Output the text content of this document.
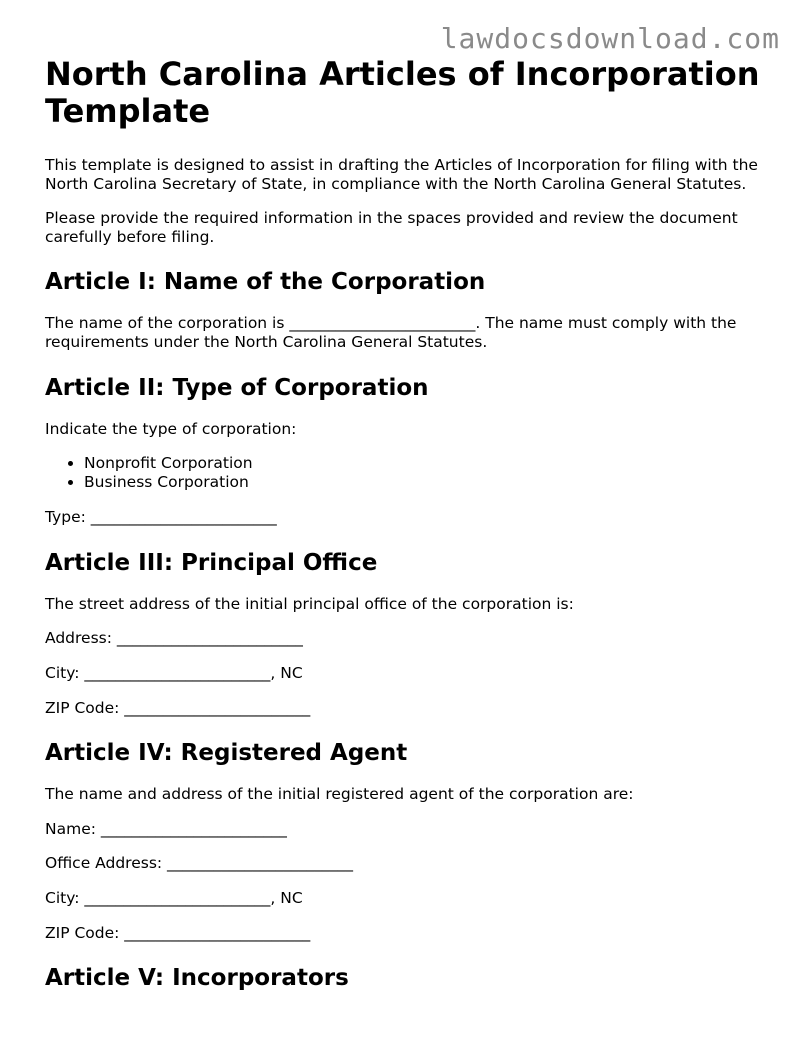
lawdocsdownload.com
North Carolina Articles of Incorporation Template

This template is designed to assist in drafting the Articles of Incorporation for filing with the North Carolina Secretary of State, in compliance with the North Carolina General Statutes.

Please provide the required information in the spaces provided and review the document carefully before filing.

Article I: Name of the Corporation

The name of the corporation is ________________________. The name must comply with the requirements under the North Carolina General Statutes.

Article II: Type of Corporation

Indicate the type of corporation:

• Nonprofit Corporation
• Business Corporation

Type: ________________________

Article III: Principal Office

The street address of the initial principal office of the corporation is:

Address: ________________________

City: ________________________, NC

ZIP Code: ________________________

Article IV: Registered Agent

The name and address of the initial registered agent of the corporation are:

Name: ________________________

Office Address: ________________________

City: ________________________, NC

ZIP Code: ________________________

Article V: Incorporators
